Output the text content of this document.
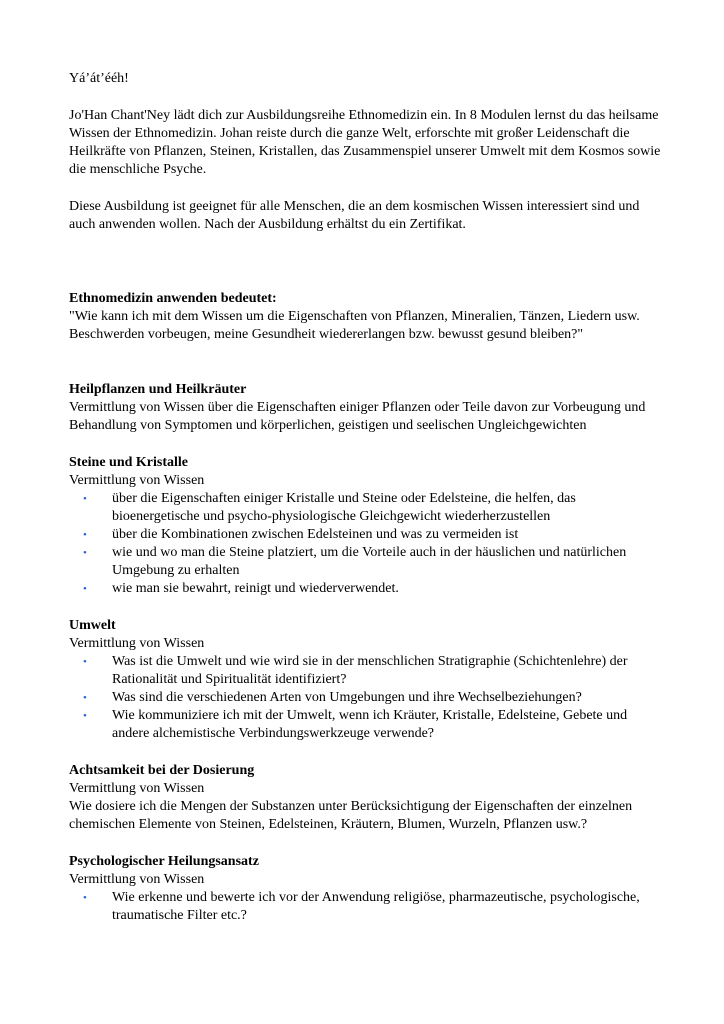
Yá’át’ééh!

Jo'Han Chant'Ney lädt dich zur Ausbildungsreihe Ethnomedizin ein. In 8 Modulen lernst du das heilsame Wissen der Ethnomedizin. Johan reiste durch die ganze Welt, erforschte mit großer Leidenschaft die Heilkräfte von Pflanzen, Steinen, Kristallen, das Zusammenspiel unserer Umwelt mit dem Kosmos sowie die menschliche Psyche.

Diese Ausbildung ist geeignet für alle Menschen, die an dem kosmischen Wissen interessiert sind und auch anwenden wollen. Nach der Ausbildung erhältst du ein Zertifikat.

Ethnomedizin anwenden bedeutet:

"Wie kann ich mit dem Wissen um die Eigenschaften von Pflanzen, Mineralien, Tänzen, Liedern usw. Beschwerden vorbeugen, meine Gesundheit wiedererlangen bzw. bewusst gesund bleiben?"

Heilpflanzen und Heilkräuter

Vermittlung von Wissen über die Eigenschaften einiger Pflanzen oder Teile davon zur Vorbeugung und Behandlung von Symptomen und körperlichen, geistigen und seelischen Ungleichgewichten

Steine und Kristalle

Vermittlung von Wissen

• über die Eigenschaften einiger Kristalle und Steine oder Edelsteine, die helfen, das bioenergetische und psycho-physiologische Gleichgewicht wiederherzustellen
• über die Kombinationen zwischen Edelsteinen und was zu vermeiden ist
• wie und wo man die Steine platziert, um die Vorteile auch in der häuslichen und natürlichen Umgebung zu erhalten
• wie man sie bewahrt, reinigt und wiederverwendet.

Umwelt

Vermittlung von Wissen

• Was ist die Umwelt und wie wird sie in der menschlichen Stratigraphie (Schichtenlehre) der Rationalität und Spiritualität identifiziert?
• Was sind die verschiedenen Arten von Umgebungen und ihre Wechselbeziehungen?
• Wie kommuniziere ich mit der Umwelt, wenn ich Kräuter, Kristalle, Edelsteine, Gebete und andere alchemistische Verbindungswerkzeuge verwende?

Achtsamkeit bei der Dosierung

Vermittlung von Wissen

Wie dosiere ich die Mengen der Substanzen unter Berücksichtigung der Eigenschaften der einzelnen chemischen Elemente von Steinen, Edelsteinen, Kräutern, Blumen, Wurzeln, Pflanzen usw.?

Psychologischer Heilungsansatz

Vermittlung von Wissen

• Wie erkenne und bewerte ich vor der Anwendung religiöse, pharmazeutische, psychologische, traumatische Filter etc.?
